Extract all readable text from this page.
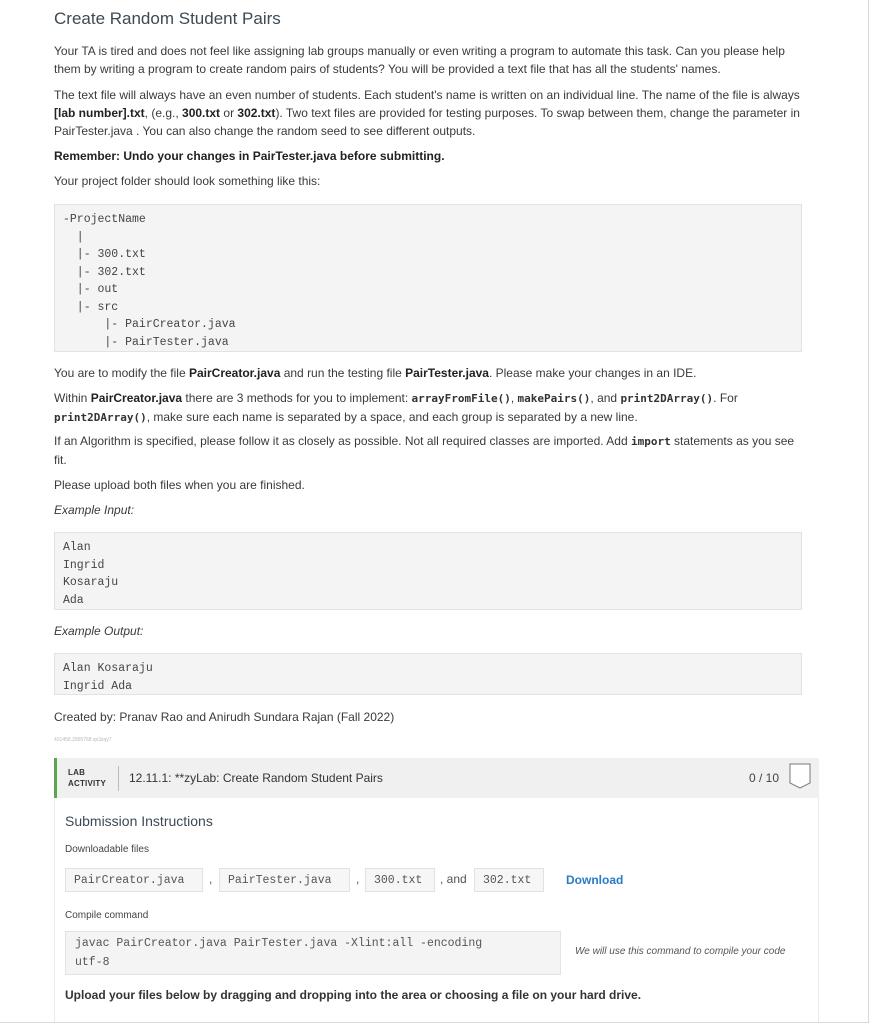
Create Random Student Pairs
Your TA is tired and does not feel like assigning lab groups manually or even writing a program to automate this task. Can you please help them by writing a program to create random pairs of students? You will be provided a text file that has all the students' names.
The text file will always have an even number of students. Each student's name is written on an individual line. The name of the file is always [lab number].txt, (e.g., 300.txt or 302.txt). Two text files are provided for testing purposes. To swap between them, change the parameter in PairTester.java . You can also change the random seed to see different outputs.
Remember: Undo your changes in PairTester.java before submitting.
Your project folder should look something like this:
-ProjectName
|
|- 300.txt
|- 302.txt
|- out
|- src
|- PairCreator.java
|- PairTester.java
You are to modify the file PairCreator.java and run the testing file PairTester.java. Please make your changes in an IDE.
Within PairCreator.java there are 3 methods for you to implement: arrayFromFile(), makePairs(), and print2DArray(). For print2DArray(), make sure each name is separated by a space, and each group is separated by a new line.
If an Algorithm is specified, please follow it as closely as possible. Not all required classes are imported. Add import statements as you see fit.
Please upload both files when you are finished.
Example Input:
Alan
Ingrid
Kosaraju
Ada
Example Output:
Alan Kosaraju
Ingrid Ada
Created by: Pranav Rao and Anirudh Sundara Rajan (Fall 2022)
421458.2955768.qx3zqy7
LAB
ACTIVITY 12.11.1: **zyLab: Create Random Student Pairs	0 / 10
Submission Instructions
Downloadable files
PairCreator.java	,	PairTester.java	,	300.txt	, and	302.txt	Download
Compile command
javac PairCreator.java PairTester.java -Xlint:all -encoding
utf-8
We will use this command to compile your code
Upload your files below by dragging and dropping into the area or choosing a file on your hard drive.
